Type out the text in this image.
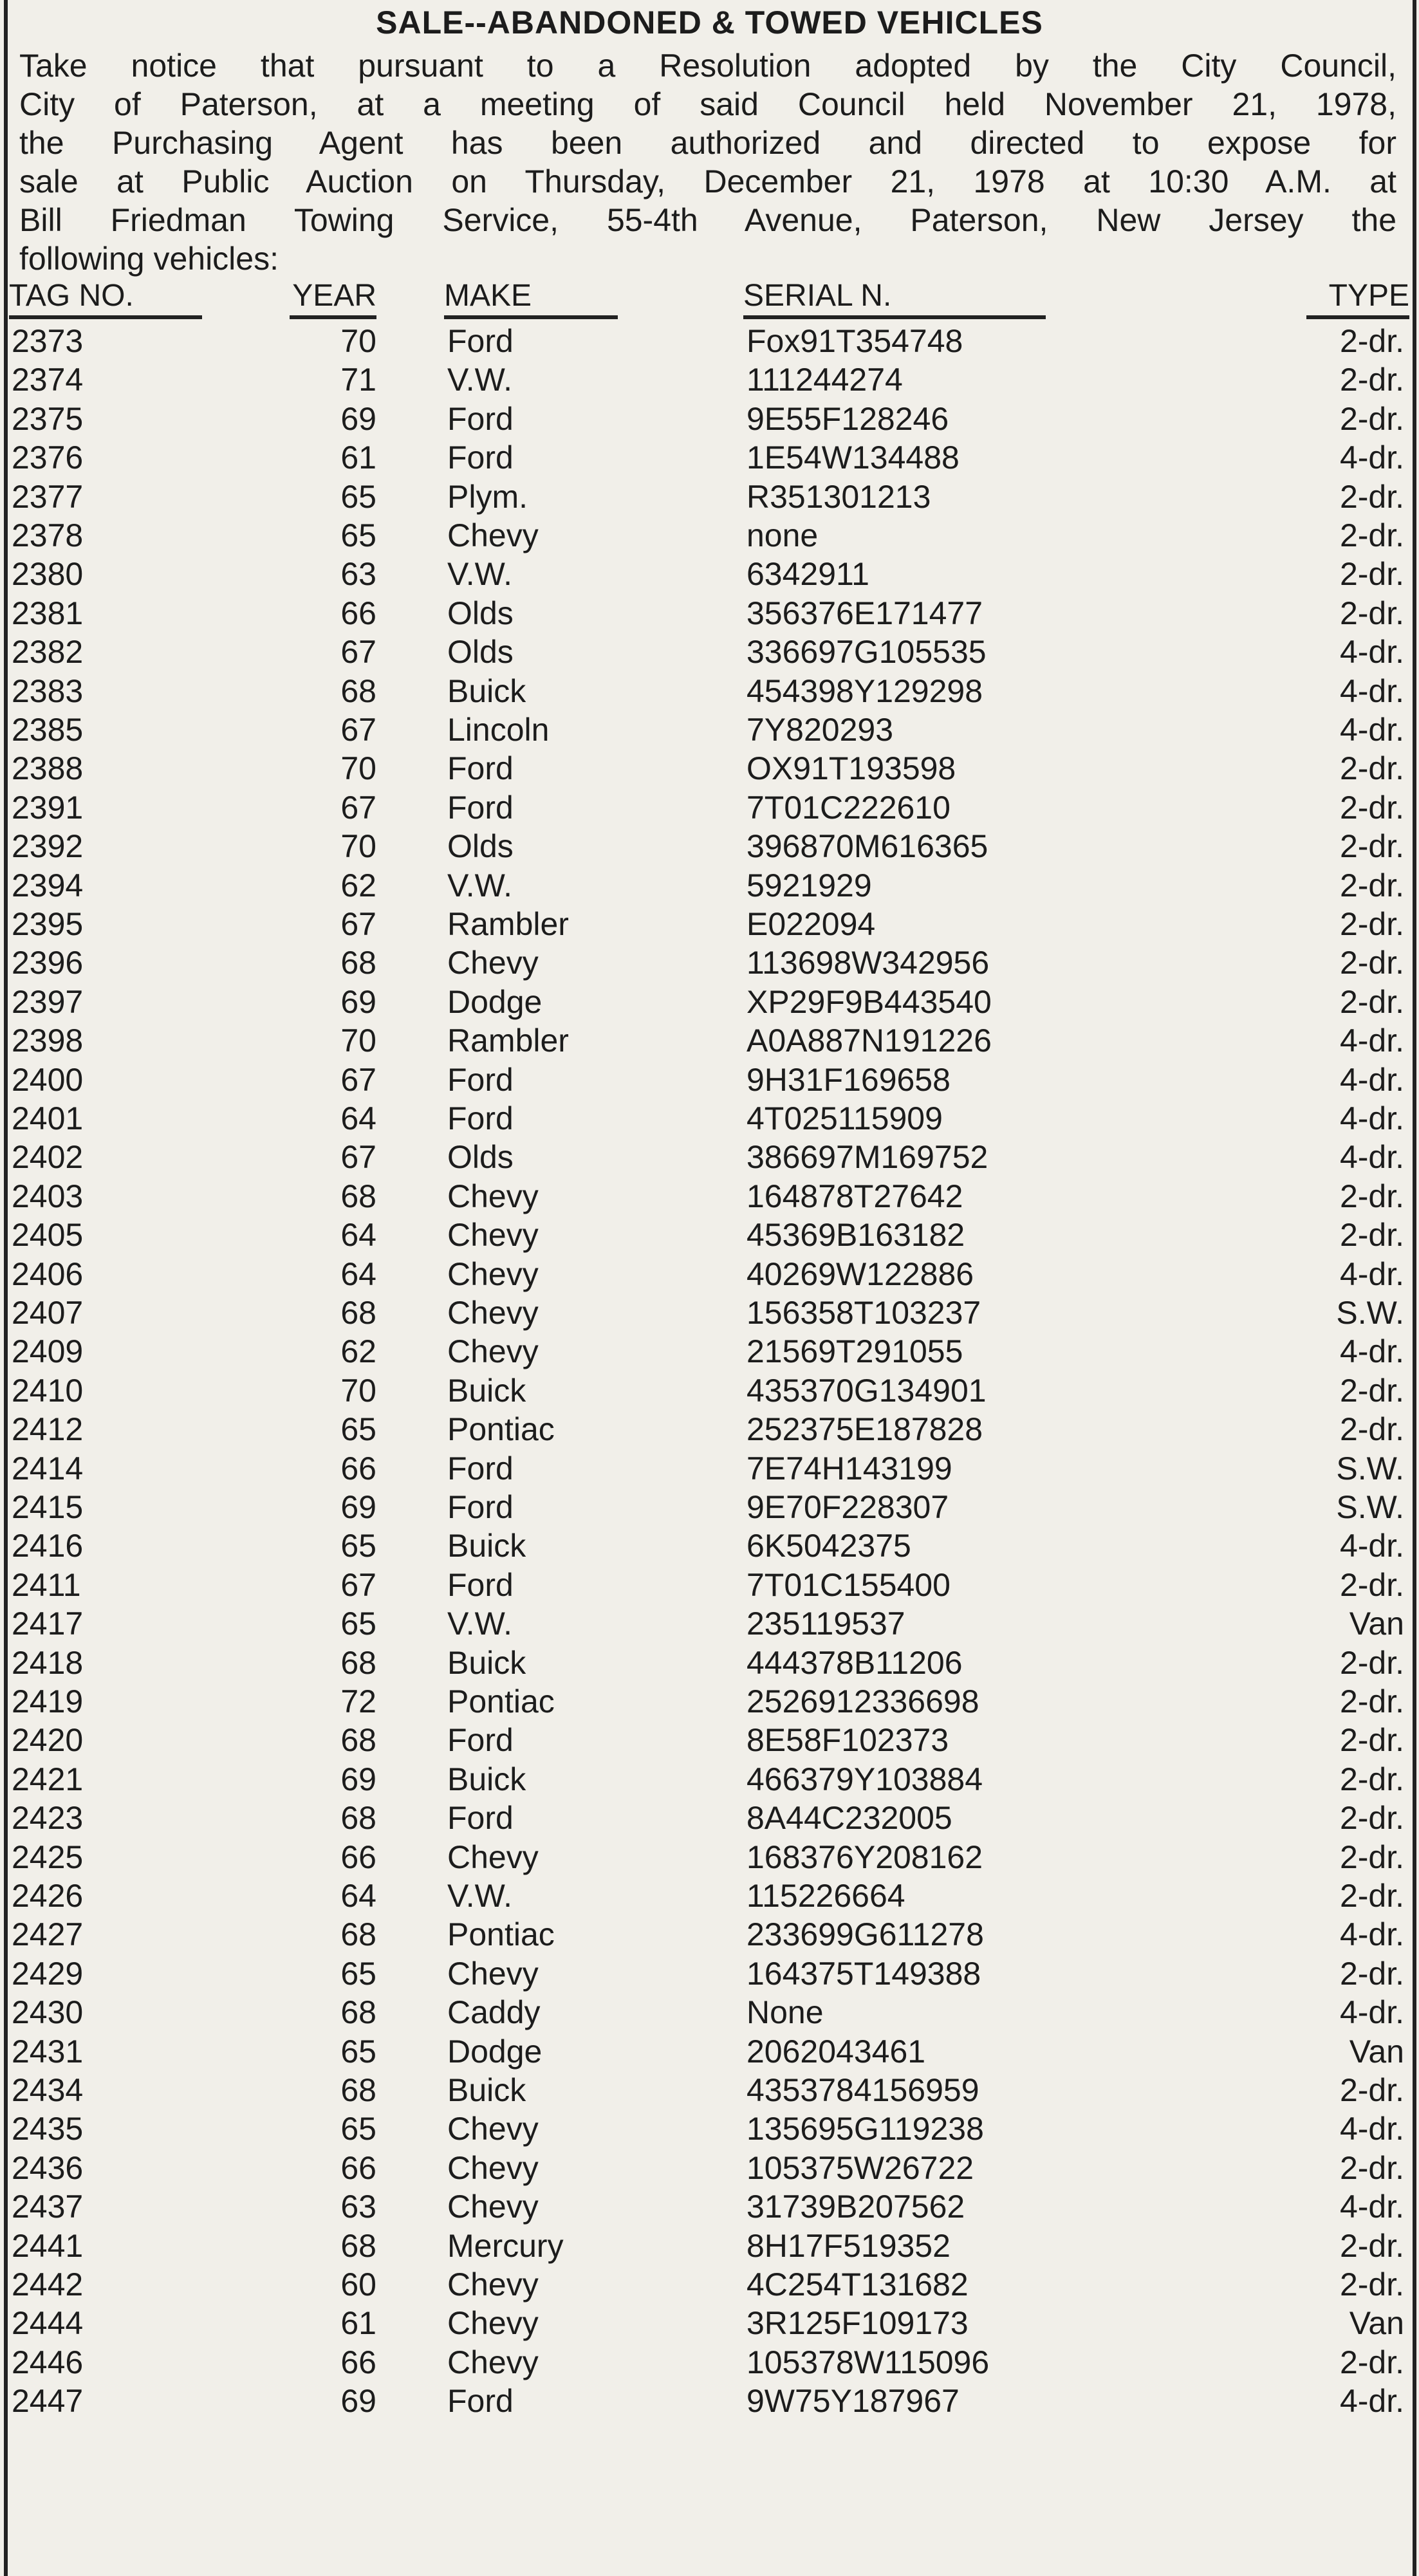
SALE--ABANDONED & TOWED VEHICLES
Take notice that pursuant to a Resolution adopted by the City Council,
City of Paterson, at a meeting of said Council held November 21, 1978,
the Purchasing Agent has been authorized and directed to expose for
sale at Public Auction on Thursday, December 21, 1978 at 10:30 A.M. at
Bill Friedman Towing Service, 55-4th Avenue, Paterson, New Jersey the
following vehicles:
TAG NO.	YEAR MAKE	SERIAL N.	TYPE
2373	70 Ford	Fox91T354748	2-dr.
2374	71 V.W.	111244274	2-dr.
2375	69 Ford	9E55F128246	2-dr.
2376	61 Ford	1E54W134488	4-dr.
2377	65 Plym.	R351301213	2-dr.
2378	65 Chevy	none	2-dr.
2380	63 V.W.	6342911	2-dr.
2381	66 Olds	356376E171477	2-dr.
2382	67 Olds	336697G105535	4-dr.
2383	68 Buick	454398Y129298	4-dr.
2385	67 Lincoln	7Y820293	4-dr.
2388	70 Ford	OX91T193598	2-dr.
2391	67 Ford	7T01C222610	2-dr.
2392	70 Olds	396870M616365	2-dr.
2394	62 V.W.	5921929	2-dr.
2395	67 Rambler	E022094	2-dr.
2396	68 Chevy	113698W342956	2-dr.
2397	69 Dodge	XP29F9B443540	2-dr.
2398	70 Rambler	A0A887N191226	4-dr.
2400	67 Ford	9H31F169658	4-dr.
2401	64 Ford	4T025115909	4-dr.
2402	67 Olds	386697M169752	4-dr.
2403	68 Chevy	164878T27642	2-dr.
2405	64 Chevy	45369B163182	2-dr.
2406	64 Chevy	40269W122886	4-dr.
2407	68 Chevy	156358T103237	S.W.
2409	62 Chevy	21569T291055	4-dr.
2410	70 Buick	435370G134901	2-dr.
2412	65 Pontiac	252375E187828	2-dr.
2414	66 Ford	7E74H143199	S.W.
2415	69 Ford	9E70F228307	S.W.
2416	65 Buick	6K5042375	4-dr.
2411	67 Ford	7T01C155400	2-dr.
2417	65 V.W.	235119537	Van
2418	68 Buick	444378B11206	2-dr.
2419	72 Pontiac	2526912336698	2-dr.
2420	68 Ford	8E58F102373	2-dr.
2421	69 Buick	466379Y103884	2-dr.
2423	68 Ford	8A44C232005	2-dr.
2425	66 Chevy	168376Y208162	2-dr.
2426	64 V.W.	115226664	2-dr.
2427	68 Pontiac	233699G611278	4-dr.
2429	65 Chevy	164375T149388	2-dr.
2430	68 Caddy	None	4-dr.
2431	65 Dodge	2062043461	Van
2434	68 Buick	4353784156959	2-dr.
2435	65 Chevy	135695G119238	4-dr.
2436	66 Chevy	105375W26722	2-dr.
2437	63 Chevy	31739B207562	4-dr.
2441	68 Mercury	8H17F519352	2-dr.
2442	60 Chevy	4C254T131682	2-dr.
2444	61 Chevy	3R125F109173	Van
2446	66 Chevy	105378W115096	2-dr.
2447	69 Ford	9W75Y187967	4-dr.
